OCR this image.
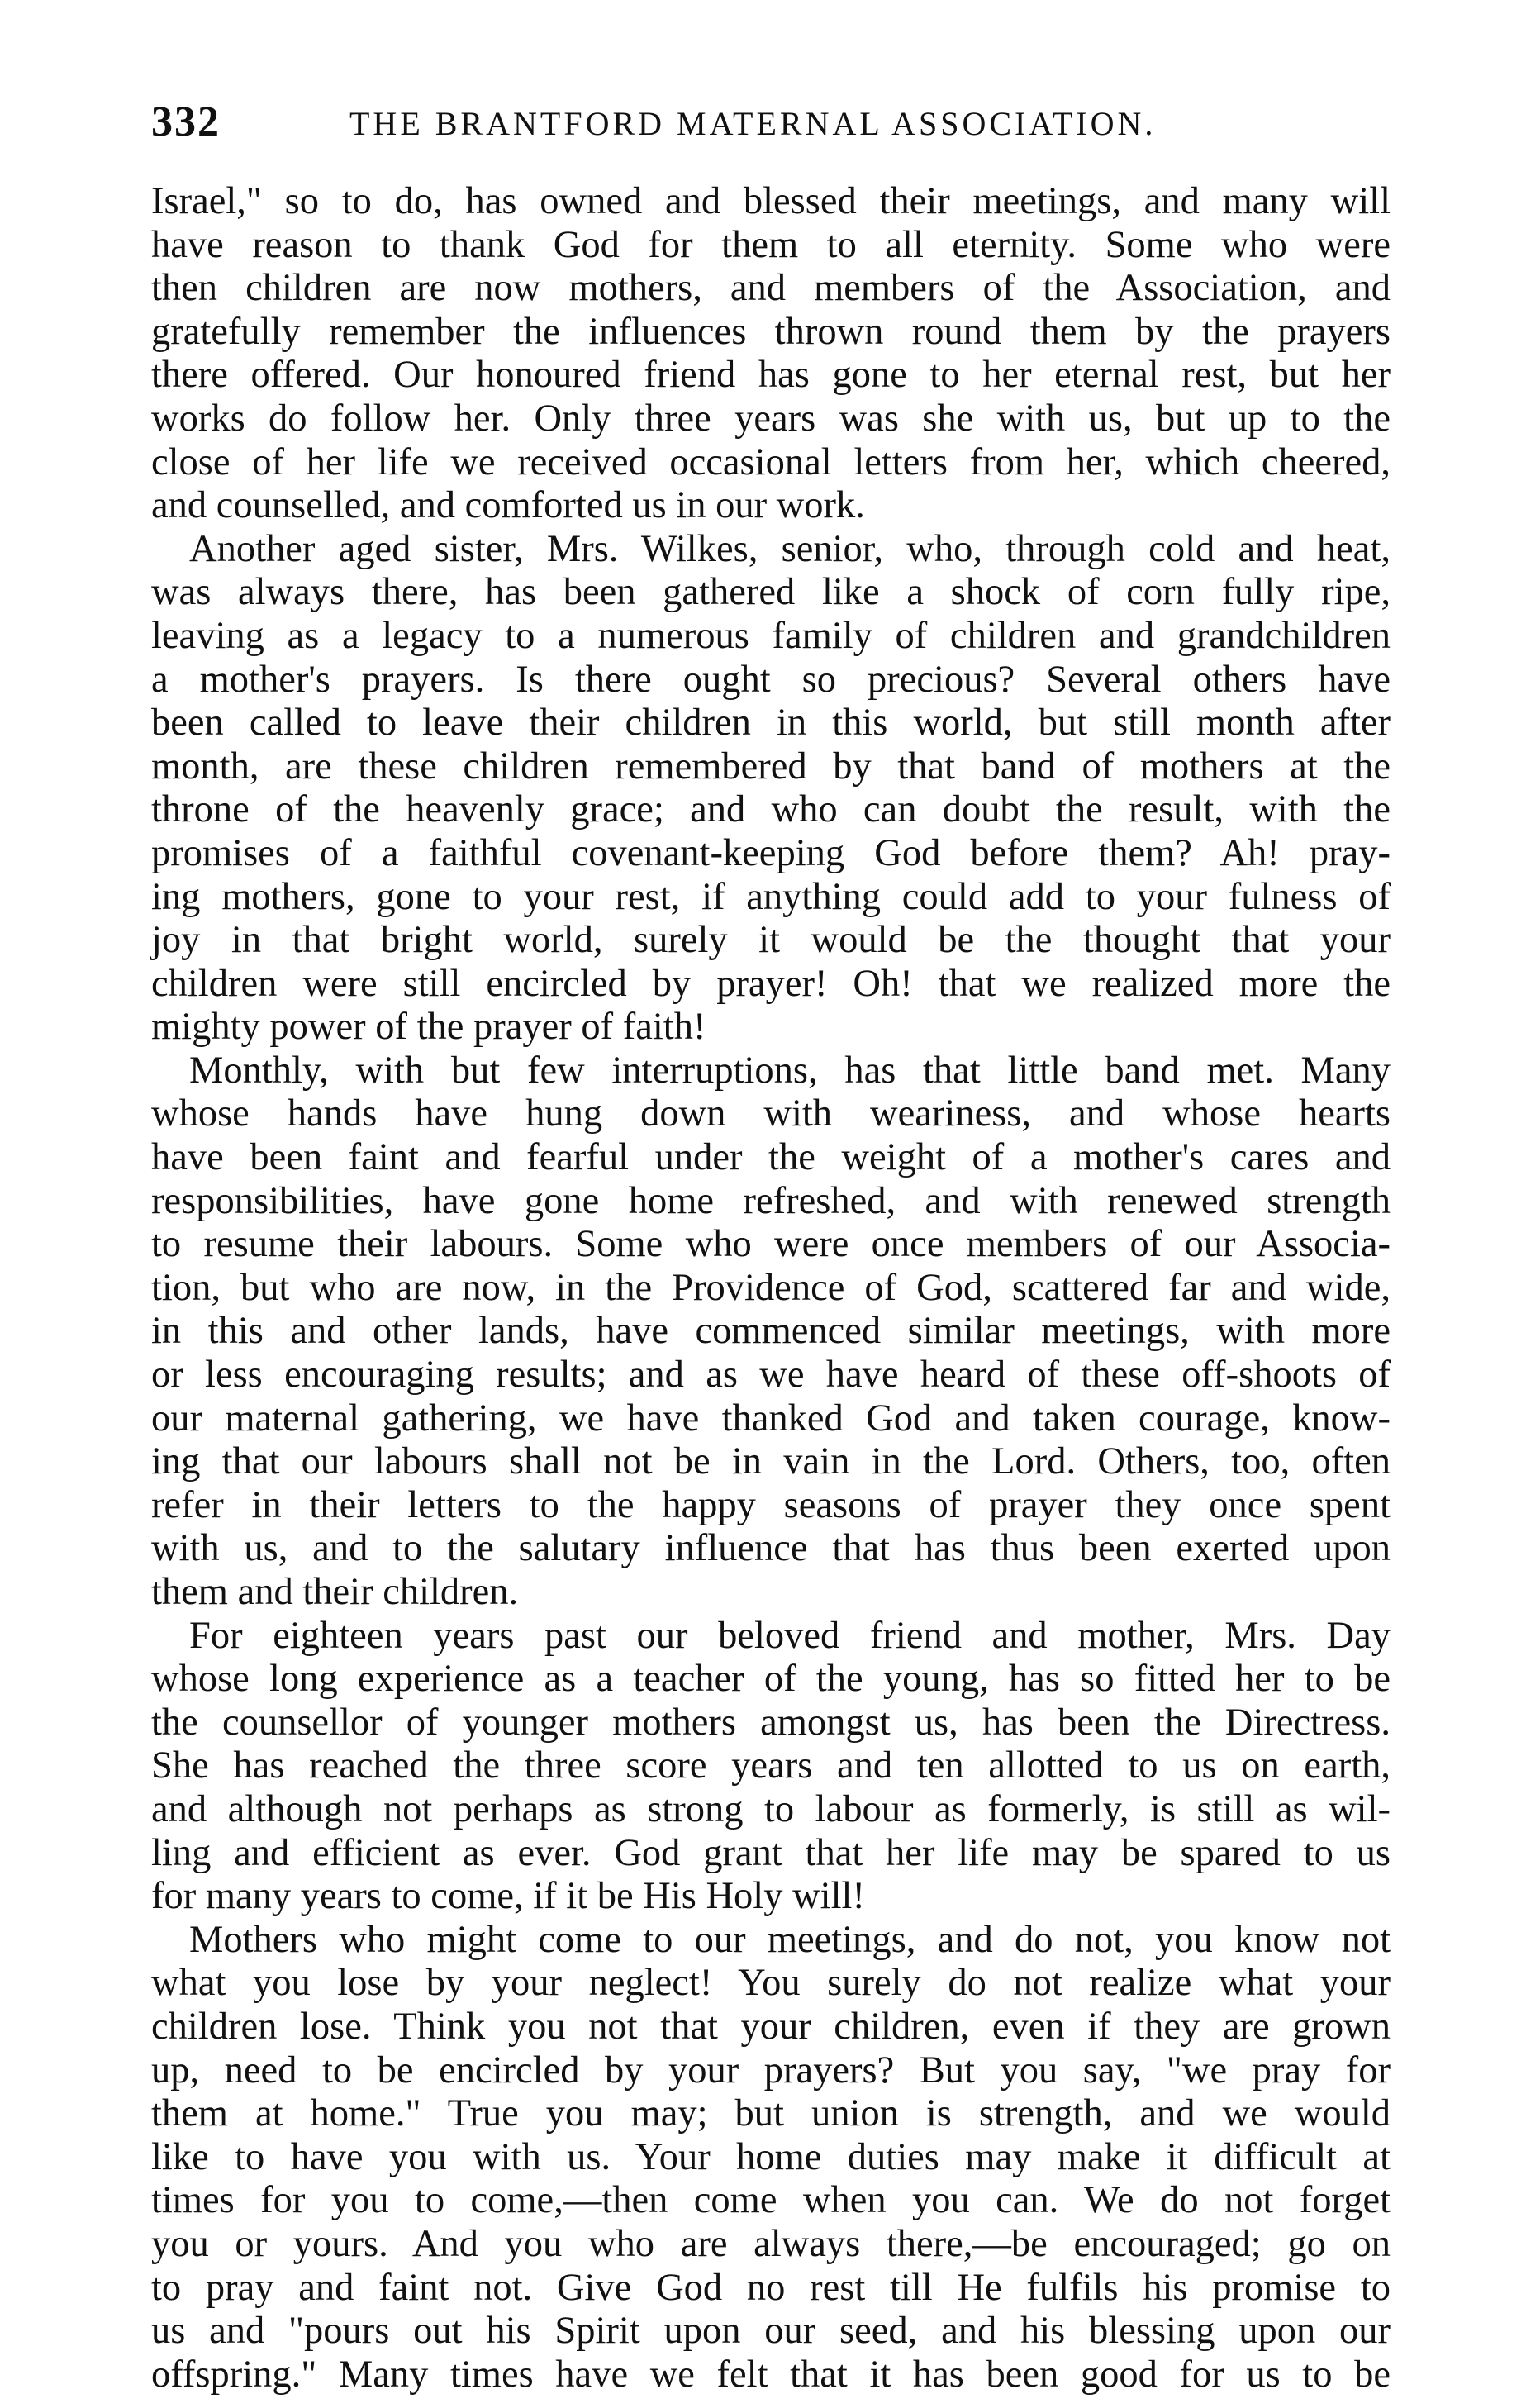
332	THE BRANTFORD MATERNAL ASSOCIATION.
Israel," so to do, has owned and blessed their meetings, and many will
have reason to thank God for them to all eternity. Some who were
then children are now mothers, and members of the Association, and
gratefully remember the influences thrown round them by the prayers
there offered. Our honoured friend has gone to her eternal rest, but her
works do follow her. Only three years was she with us, but up to the
close of her life we received occasional letters from her, which cheered,
and counselled, and comforted us in our work.
Another aged sister, Mrs. Wilkes, senior, who, through cold and heat,
was always there, has been gathered like a shock of corn fully ripe,
leaving as a legacy to a numerous family of children and grandchildren
a mother's prayers. Is there ought so precious? Several others have
been called to leave their children in this world, but still month after
month, are these children remembered by that band of mothers at the
throne of the heavenly grace; and who can doubt the result, with the
promises of a faithful covenant-keeping God before them? Ah! pray-
ing mothers, gone to your rest, if anything could add to your fulness of
joy in that bright world, surely it would be the thought that your
children were still encircled by prayer! Oh! that we realized more the
mighty power of the prayer of faith!
Monthly, with but few interruptions, has that little band met. Many
whose hands have hung down with weariness, and whose hearts
have been faint and fearful under the weight of a mother's cares and
responsibilities, have gone home refreshed, and with renewed strength
to resume their labours. Some who were once members of our Associa-
tion, but who are now, in the Providence of God, scattered far and wide,
in this and other lands, have commenced similar meetings, with more
or less encouraging results; and as we have heard of these off-shoots of
our maternal gathering, we have thanked God and taken courage, know-
ing that our labours shall not be in vain in the Lord. Others, too, often
refer in their letters to the happy seasons of prayer they once spent
with us, and to the salutary influence that has thus been exerted upon
them and their children.
For eighteen years past our beloved friend and mother, Mrs. Day
whose long experience as a teacher of the young, has so fitted her to be
the counsellor of younger mothers amongst us, has been the Directress.
She has reached the three score years and ten allotted to us on earth,
and although not perhaps as strong to labour as formerly, is still as wil-
ling and efficient as ever. God grant that her life may be spared to us
for many years to come, if it be His Holy will!
Mothers who might come to our meetings, and do not, you know not
what you lose by your neglect! You surely do not realize what your
children lose. Think you not that your children, even if they are grown
up, need to be encircled by your prayers? But you say, "we pray for
them at home." True you may; but union is strength, and we would
like to have you with us. Your home duties may make it difficult at
times for you to come,—then come when you can. We do not forget
you or yours. And you who are always there,—be encouraged; go on
to pray and faint not. Give God no rest till He fulfils his promise to
us and "pours out his Spirit upon our seed, and his blessing upon our
offspring." Many times have we felt that it has been good for us to be
